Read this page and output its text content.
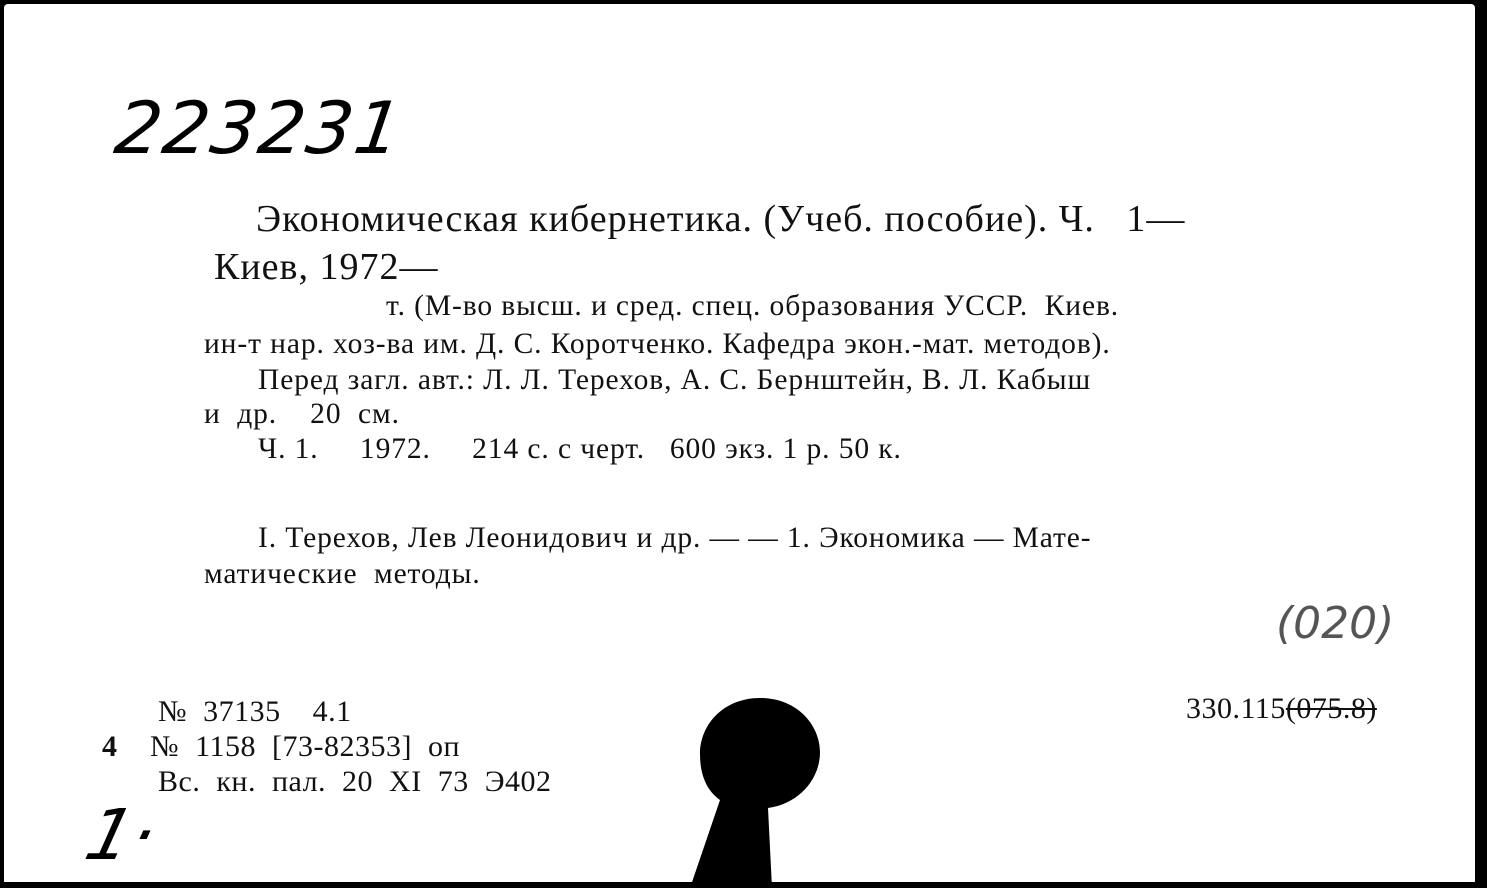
223231
Экономическая кибернетика. (Учеб. пособие). Ч.   1—
Киев, 1972—
т. (М-во высш. и сред. спец. образования УССР.  Киев.
ин-т нар. хоз-ва им. Д. С. Коротченко. Кафедра экон.-мат. методов).
Перед загл. авт.: Л. Л. Терехов, А. С. Бернштейн, В. Л. Кабыш
и  др.    20  см.
Ч. 1.     1972.     214 с. с черт.   600 экз. 1 р. 50 к.
I. Терехов, Лев Леонидович и др. — — 1. Экономика — Мате-
матические  методы.
(020)

330.115(075.8)

№  37135    4.1
4 №  1158  [73-82353]  оп
Вс.  кн.  пал.  20  XI  73  Э402
1·
